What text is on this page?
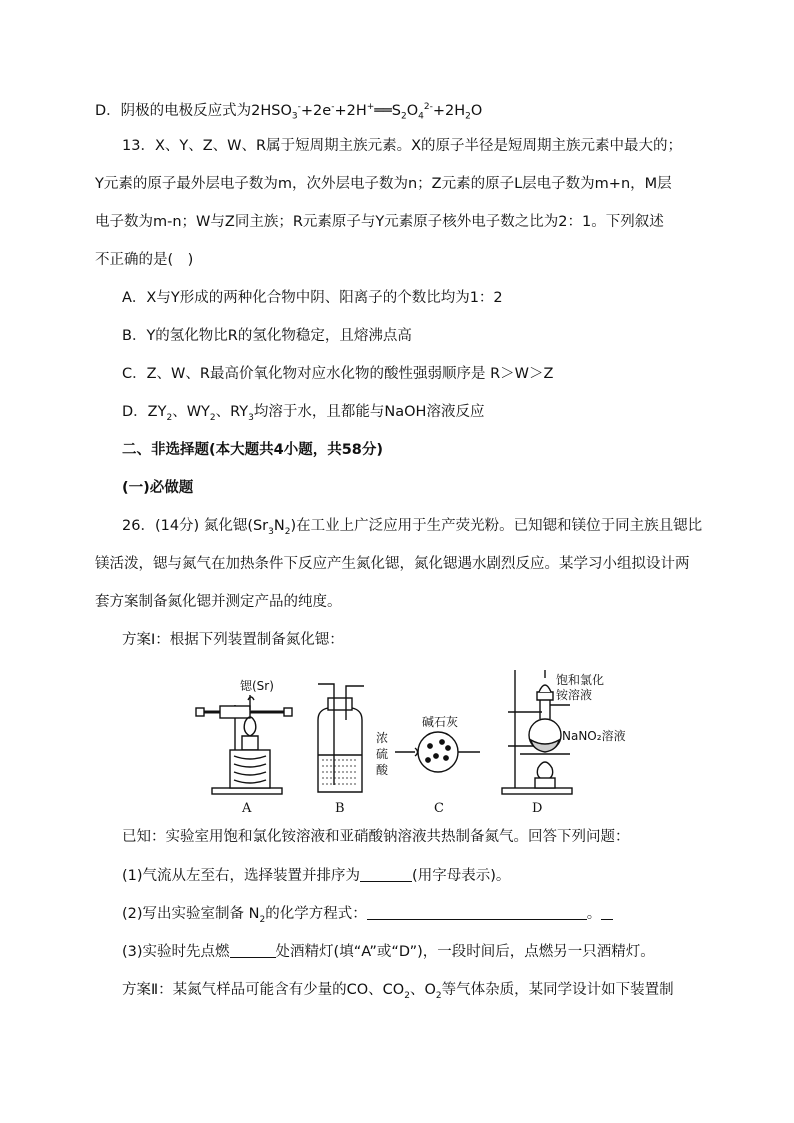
D．阴极的电极反应式为$2HSO_3^-+2e^-+2H^+══S_2O_4^{2-}+2H_2O$
13．X、Y、Z、W、R属于短周期主族元素。X的原子半径是短周期主族元素中最大的；
Y元素的原子最外层电子数为m，次外层电子数为n；Z元素的原子L层电子数为m+n，M层
电子数为m-n；W与Z同主族；R元素原子与Y元素原子核外电子数之比为2：1。下列叙述
不正确的是(　)
A．X与Y形成的两种化合物中阴、阳离子的个数比均为1：2
B．Y的氢化物比R的氢化物稳定，且熔沸点高
C．Z、W、R最高价氧化物对应水化物的酸性强弱顺序是 R＞W＞Z
D．$ZY_2$、$WY_2$、$RY_3$均溶于水，且都能与NaOH溶液反应
二、非选择题(本大题共4小题，共58分)
(一)必做题
26．(14分) 氮化锶$(Sr_3N_2)$在工业上广泛应用于生产荧光粉。已知锶和镁位于同主族且锶比
镁活泼，锶与氮气在加热条件下反应产生氮化锶，氮化锶遇水剧烈反应。某学习小组拟设计两
套方案制备氮化锶并测定产品的纯度。
方案Ⅰ：根据下列装置制备氮化锶：
锶(Sr)
浓
硫
酸
碱石灰
饱和氯化
铵溶液
NaNO₂溶液
A	B	C	D
已知：实验室用饱和氯化铵溶液和亚硝酸钠溶液共热制备氮气。回答下列问题：
(1)气流从左至右，选择装置并排序为	(用字母表示)。
(2)写出实验室制备 $N_2$的化学方程式：	。
(3)实验时先点燃	处酒精灯(填“A”或“D”)，一段时间后，点燃另一只酒精灯。
方案Ⅱ：某氮气样品可能含有少量的CO、$CO_2$、$O_2$等气体杂质，某同学设计如下装置制
